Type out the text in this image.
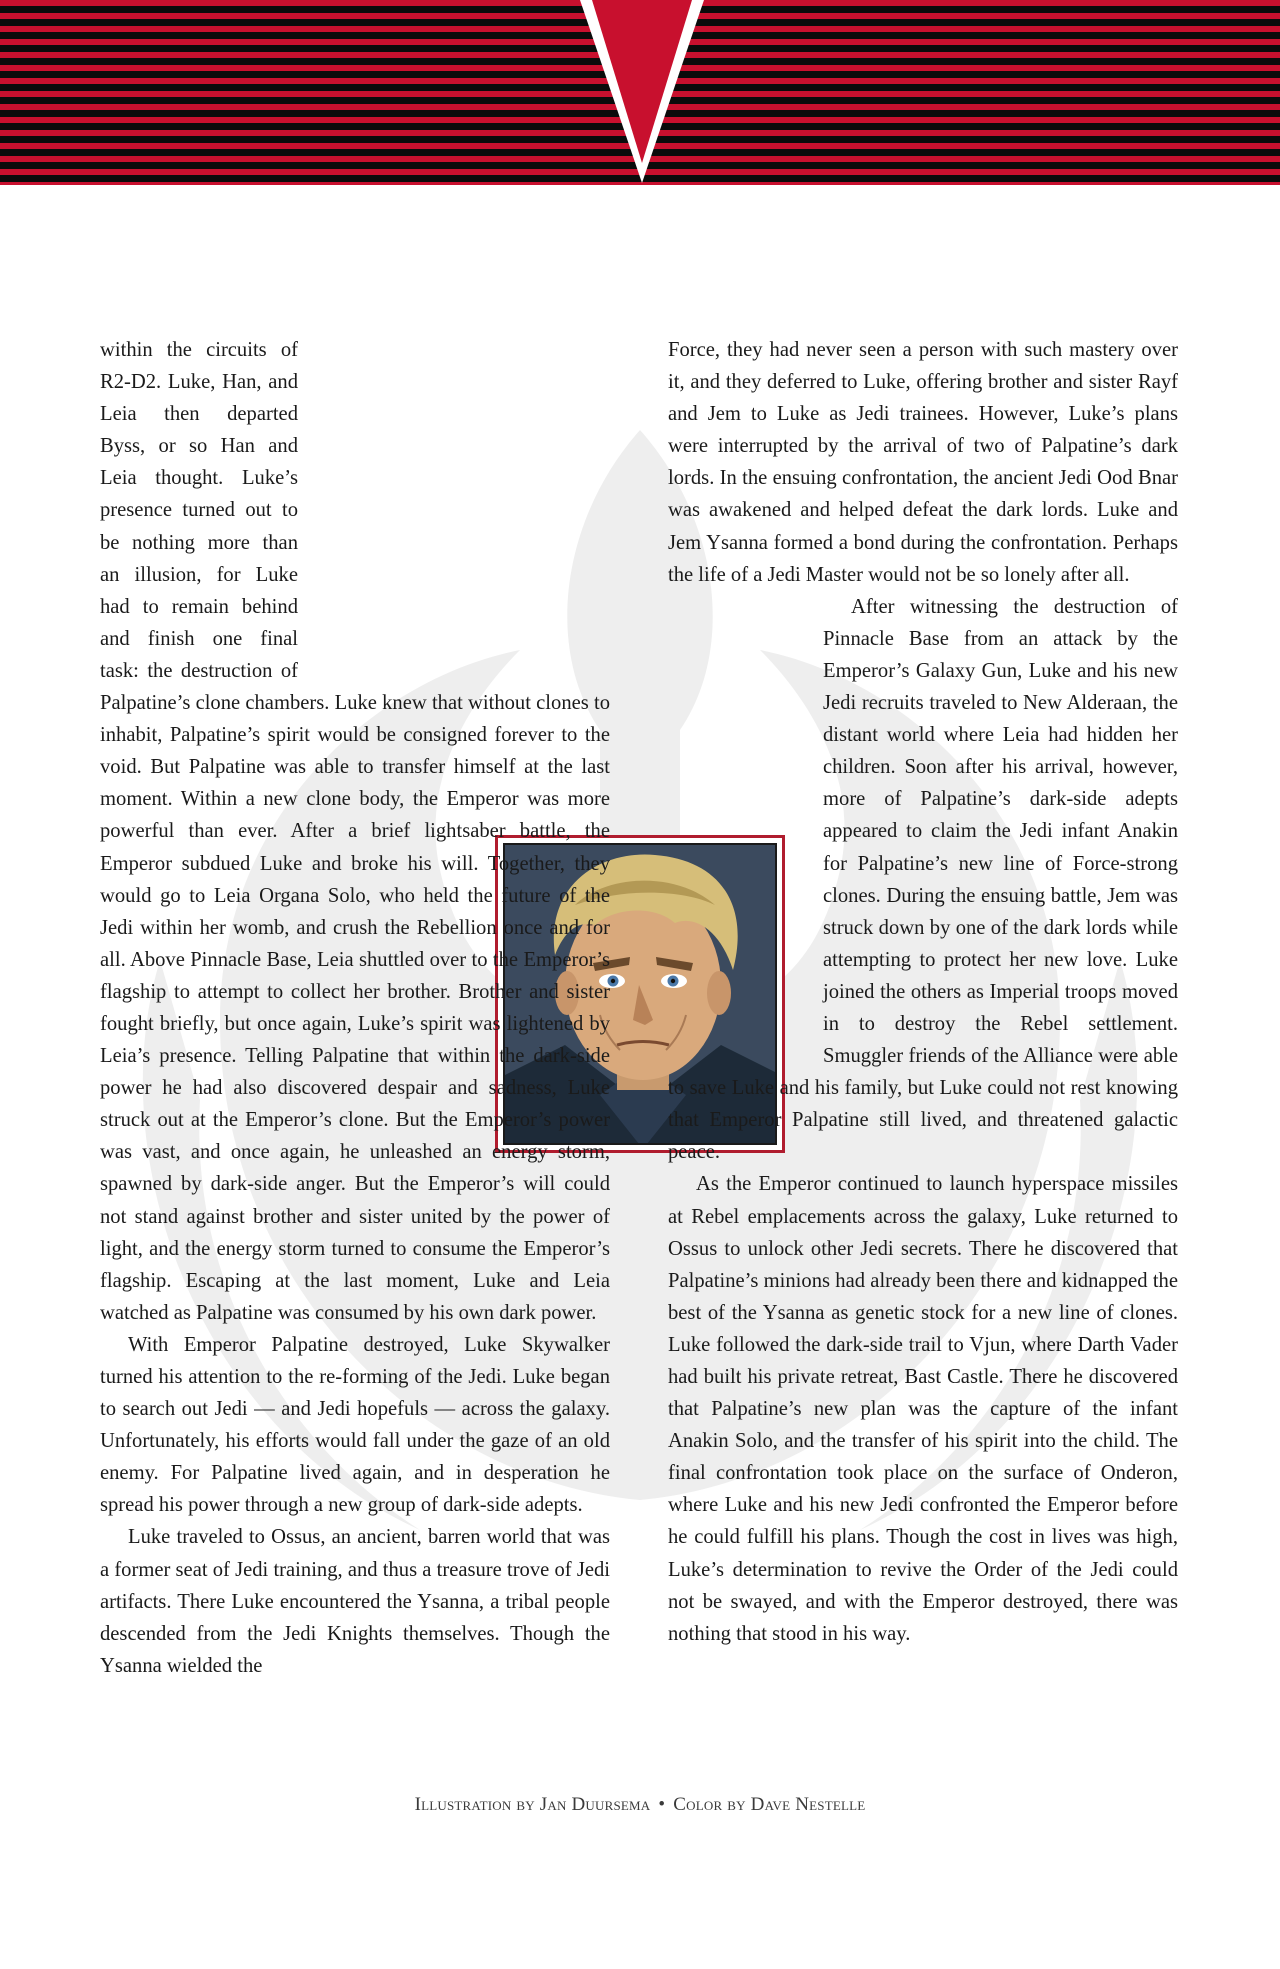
within the circuits of R2-D2. Luke, Han, and Leia then departed Byss, or so Han and Leia thought. Luke’s presence turned out to be nothing more than an illusion, for Luke had to remain behind and finish one final task: the destruction of Palpatine’s clone chambers. Luke knew that without clones to inhabit, Palpatine’s spirit would be consigned forever to the void. But Palpatine was able to transfer himself at the last moment. Within a new clone body, the Emperor was more powerful than ever. After a brief lightsaber battle, the Emperor subdued Luke and broke his will. Together, they would go to Leia Organa Solo, who held the future of the Jedi within her womb, and crush the Rebellion once and for all. Above Pinnacle Base, Leia shuttled over to the Emperor’s flagship to attempt to collect her brother. Brother and sister fought briefly, but once again, Luke’s spirit was lightened by Leia’s presence. Telling Palpatine that within the dark-side power he had also discovered despair and sadness, Luke struck out at the Emperor’s clone. But the Emperor’s power was vast, and once again, he unleashed an energy storm, spawned by dark-side anger. But the Emperor’s will could not stand against brother and sister united by the power of light, and the energy storm turned to consume the Emperor’s flagship. Escaping at the last moment, Luke and Leia watched as Palpatine was consumed by his own dark power.

With Emperor Palpatine destroyed, Luke Skywalker turned his attention to the re-forming of the Jedi. Luke began to search out Jedi — and Jedi hopefuls — across the galaxy. Unfortunately, his efforts would fall under the gaze of an old enemy. For Palpatine lived again, and in desperation he spread his power through a new group of dark-side adepts.

Luke traveled to Ossus, an ancient, barren world that was a former seat of Jedi training, and thus a treasure trove of Jedi artifacts. There Luke encountered the Ysanna, a tribal people descended from the Jedi Knights themselves. Though the Ysanna wielded the

Force, they had never seen a person with such mastery over it, and they deferred to Luke, offering brother and sister Rayf and Jem to Luke as Jedi trainees. However, Luke’s plans were interrupted by the arrival of two of Palpatine’s dark lords. In the ensuing confrontation, the ancient Jedi Ood Bnar was awakened and helped defeat the dark lords. Luke and Jem Ysanna formed a bond during the confrontation. Perhaps the life of a Jedi Master would not be so lonely after all.

After witnessing the destruction of Pinnacle Base from an attack by the Emperor’s Galaxy Gun, Luke and his new Jedi recruits traveled to New Alderaan, the distant world where Leia had hidden her children. Soon after his arrival, however, more of Palpatine’s dark-side adepts appeared to claim the Jedi infant Anakin for Palpatine’s new line of Force-strong clones. During the ensuing battle, Jem was struck down by one of the dark lords while attempting to protect her new love. Luke joined the others as Imperial troops moved in to destroy the Rebel settlement. Smuggler friends of the Alliance were able to save Luke and his family, but Luke could not rest knowing that Emperor Palpatine still lived, and threatened galactic peace.

As the Emperor continued to launch hyperspace missiles at Rebel emplacements across the galaxy, Luke returned to Ossus to unlock other Jedi secrets. There he discovered that Palpatine’s minions had already been there and kidnapped the best of the Ysanna as genetic stock for a new line of clones. Luke followed the dark-side trail to Vjun, where Darth Vader had built his private retreat, Bast Castle. There he discovered that Palpatine’s new plan was the capture of the infant Anakin Solo, and the transfer of his spirit into the child. The final confrontation took place on the surface of Onderon, where Luke and his new Jedi confronted the Emperor before he could fulfill his plans. Though the cost in lives was high, Luke’s determination to revive the Order of the Jedi could not be swayed, and with the Emperor destroyed, there was nothing that stood in his way.

Illustration by Jan Duursema • Color by Dave Nestelle
